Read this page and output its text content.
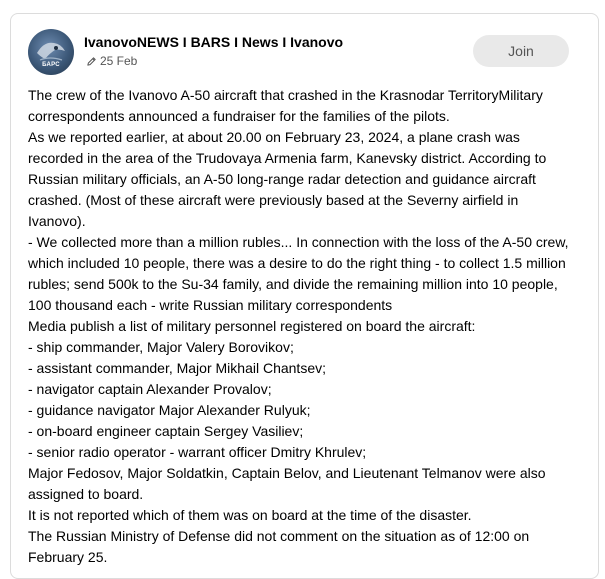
БАРС
IvanovoNEWS I BARS I News I Ivanovo
25 Feb
Join
The crew of the Ivanovo A-50 aircraft that crashed in the Krasnodar TerritoryMilitary
correspondents announced a fundraiser for the families of the pilots.
As we reported earlier, at about 20.00 on February 23, 2024, a plane crash was
recorded in the area of the Trudovaya Armenia farm, Kanevsky district. According to
Russian military officials, an A-50 long-range radar detection and guidance aircraft
crashed. (Most of these aircraft were previously based at the Severny airfield in
Ivanovo).
- We collected more than a million rubles... In connection with the loss of the A-50 crew,
which included 10 people, there was a desire to do the right thing - to collect 1.5 million
rubles; send 500k to the Su-34 family, and divide the remaining million into 10 people,
100 thousand each - write Russian military correspondents
Media publish a list of military personnel registered on board the aircraft:
- ship commander, Major Valery Borovikov;
- assistant commander, Major Mikhail Chantsev;
- navigator captain Alexander Provalov;
- guidance navigator Major Alexander Rulyuk;
- on-board engineer captain Sergey Vasiliev;
- senior radio operator - warrant officer Dmitry Khrulev;
Major Fedosov, Major Soldatkin, Captain Belov, and Lieutenant Telmanov were also
assigned to board.
It is not reported which of them was on board at the time of the disaster.
The Russian Ministry of Defense did not comment on the situation as of 12:00 on
February 25.
